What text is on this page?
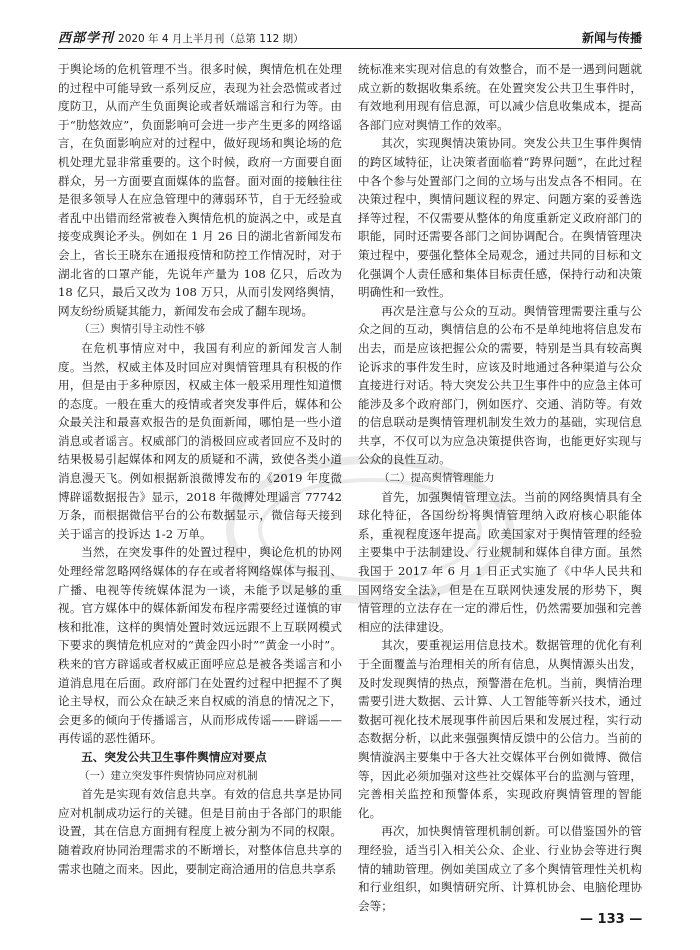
西部学刊 2020 年 4 月上半月刊（总第 112 期）	新闻与传播

于舆论场的危机管理不当。很多时候，舆情危机在处理的过程中可能导致一系列反应，表现为社会恐慌或者过度防卫，从而产生负面舆论或者妖端谣言和行为等。由于“肋悠效应”，负面影响可会进一步产生更多的网络谣言，在负面影响应对的过程中，做好现场和舆论场的危机处理尤显非常重要的。这个时候，政府一方面要自面群众，另一方面要直面媒体的监督。面对面的接触往往是很多领导人在应急管理中的薄弱环节，自于无经验或者乱中出错而经常被卷入舆情危机的旋涡之中，或是直接变成舆论矛头。例如在 1 月 26 日的湖北省新闻发布会上，省长王晓东在通报疫情和防控工作情况时，对于湖北省的口罩产能，先说年产量为 108 亿只，后改为 18 亿只，最后又改为 108 万只，从而引发网络舆情，网友纷纷质疑其能力，新闻发布会成了翻车现场。

（三）舆情引导主动性不够

在危机事情应对中，我国有利应的新闻发言人制度。当然，权威主体及时回应对舆情管理具有积极的作用，但是由于多种原因，权威主体一般采用理性知道惯的态度。一般在重大的疫情或者突发事件后，媒体和公众最关注和最喜欢报告的是负面新闻，哪怕是一些小道消息或者谣言。权威部门的消极回应或者回应不及时的结果极易引起媒体和网友的质疑和不满，致使各类小道消息漫天飞。例如根据新浪微博发布的《2019 年度微博辟谣数据报告》显示，2018 年微博处理谣言 77742 万条，而根据微信平台的公布数据显示，微信每天接到关于谣言的投诉达 1-2 万单。

当然，在突发事件的处置过程中，舆论危机的协网处理经常忽略网络媒体的存在或者将网络媒体与报刊、广播、电视等传统媒体混为一谈，未能予以足够的重视。官方媒体中的媒体新闻发布程序需要经过谨慎的审核和批准，这样的舆情处置时效远远跟不上互联网模式下要求的舆情危机应对的“黄金四小时”“黄金一小时”。秩来的官方辟谣或者权威正面呼应总是被各类谣言和小道消息甩在后面。政府部门在处置约过程中把握不了舆论主导权，而公众在缺乏来自权威的消息的情况之下，会更多的倾向于传播谣言，从而形成传谣——辟谣——再传谣的恶性循环。

五、突发公共卫生事件舆情应对要点

（一）建立突发事件舆情协同应对机制

首先是实现有效信息共享。有效的信息共享是协同应对机制成功运行的关键。但是目前由于各部门的职能设置，其在信息方面拥有程度上被分割为不同的权限。随着政府协同治理需求的不断增长，对整体信息共享的需求也随之而来。因此，要制定商洽通用的信息共享系

统标准来实现对信息的有效整合，而不是一遇到问题就成立新的数据收集系统。在处置突发公共卫生事件时，有效地利用现有信息源，可以减少信息收集成本，提高各部门应对舆情工作的效率。

其次，实现舆情决策协同。突发公共卫生事件舆情的跨区域特征，让决策者面临着“跨界问题”，在此过程中各个参与处置部门之间的立场与出发点各不相同。在决策过程中，舆情问题议程的界定、问题方案的妥善选择等过程，不仅需要从整体的角度重新定义政府部门的职能，同时还需要各部门之间协调配合。在舆情管理决策过程中，要强化整体全局观念，通过共同的目标和文化强调个人责任感和集体目标责任感，保持行动和决策明确性和一致性。

再次是注意与公众的互动。舆情管理需要注重与公众之间的互动，舆情信息的公布不是单纯地将信息发布出去，而是应该把握公众的需要，特别是当具有较高舆论诉求的事件发生时，应该及时地通过各种渠道与公众直接进行对话。特大突发公共卫生事件中的应急主体可能涉及多个政府部门，例如医疗、交通、消防等。有效的信息联动是舆情管理机制发生效力的基础，实现信息共享，不仅可以为应急决策提供咨询，也能更好实现与公众的良性互动。

（二）提高舆情管理能力

首先，加强舆情管理立法。当前的网络舆情具有全球化特征，各国纷纷将舆情管理纳入政府核心职能体系，重视程度逐年提高。欧美国家对于舆情管理的经验主要集中于法制建设、行业规制和媒体自律方面。虽然我国于 2017 年 6 月 1 日正式实施了《中华人民共和国网络安全法》，但是在互联网快速发展的形势下，舆情管理的立法存在一定的滞后性，仍然需要加强和完善相应的法律建设。

其次，要重视运用信息技术。数据管理的优化有利于全面覆盖与治理相关的所有信息，从舆情源头出发，及时发现舆情的热点，预警潜在危机。当前，舆情治理需要引进大数据、云计算、人工智能等新兴技术，通过数据可视化技术展现事件前因后果和发展过程，实行动态数据分析，以此来强强舆情反馈中的公信力。当前的舆情漩涡主要集中于各大社交媒体平台例如微博、微信等，因此必须加强对这些社交媒体平台的监测与管理，完善相关监控和预警体系，实现政府舆情管理的智能化。

再次，加快舆情管理机制创新。可以借鉴国外的管理经验，适当引入相关公众、企业、行业协会等进行舆情的辅助管理。例如美国成立了多个舆情管理性关机构和行业组织，如舆情研究所、计算机协会、电脑伦理协会等；

— 133 —
